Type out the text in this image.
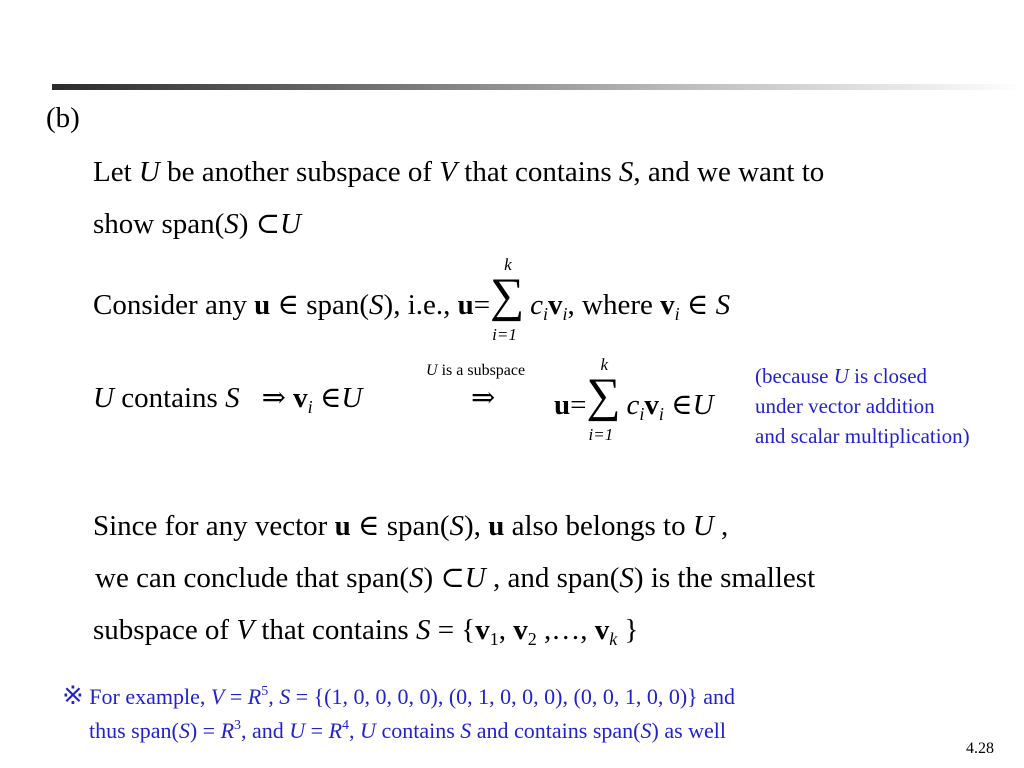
(b)
Let U be another subspace of V that contains S, and we want to
show span(S) ⊂U
Consider any u ∈ span(S), i.e., u= ∑
k
i=1
$c_iv_i$, where $v_i$ ∈ S
U is a subspace
U contains S ⇒ $v_i$ ∈U	⇒ u= ∑
k
i=1
$c_iv_i$ ∈U
(because U is closed
under vector addition
and scalar multiplication)
Since for any vector u ∈ span(S), u also belongs to U ,
we can conclude that span(S) ⊂U , and span(S) is the smallest
subspace of V that contains $S = \{v_1$, $v_2$ ,…, $v_k$ }
※ For example, $V = R^5$, S = {(1, 0, 0, 0, 0), (0, 1, 0, 0, 0), (0, 0, 1, 0, 0)} and
thus span(S) = $R^3$, and $U = R^4$, U contains S and contains span(S) as well
4.28
